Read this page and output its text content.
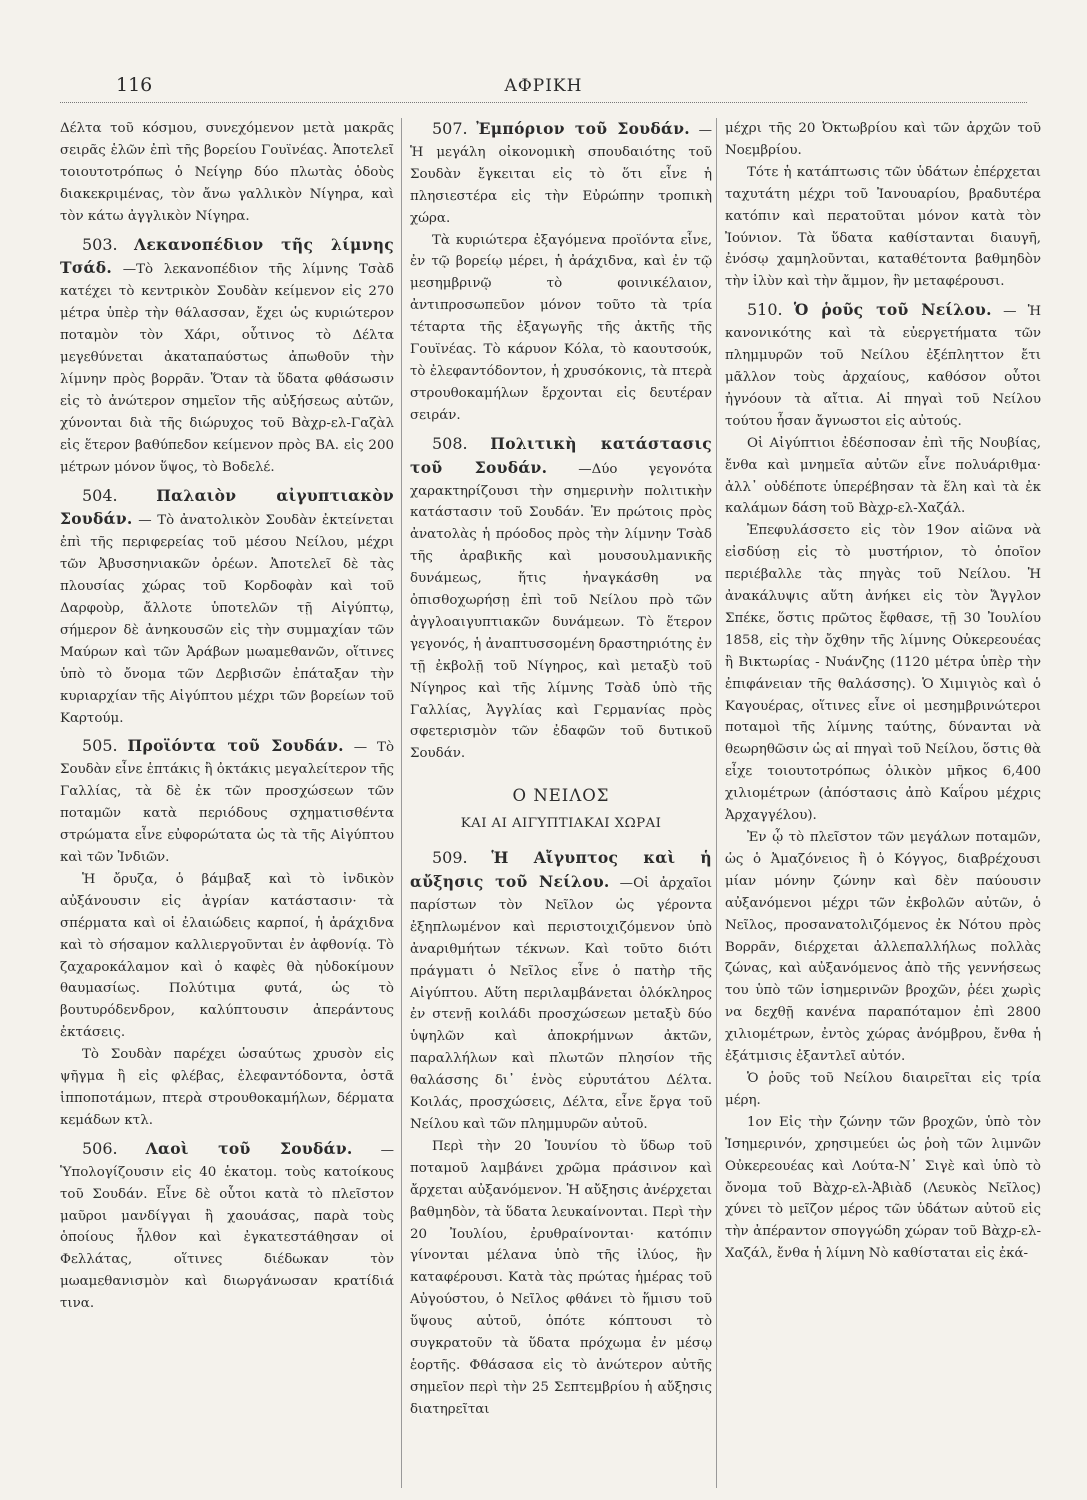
116	ΑΦΡΙΚΗ

Δέλτα τοῦ κόσμου, συνεχόμενον μετὰ μακρᾶς σειρᾶς ἑλῶν ἐπὶ τῆς βορείου Γουϊνέας. Ἀποτελεῖ τοιουτοτρόπως ὁ Νείγηρ δύο πλωτὰς ὁδοὺς διακεκριμένας, τὸν ἄνω γαλλικὸν Νίγηρα, καὶ τὸν κάτω ἀγγλικὸν Νίγηρα.

503. Λεκανοπέδιον τῆς λίμνης Τσάδ. —Τὸ λεκανοπέδιον τῆς λίμνης Τσὰδ κατέχει τὸ κεντρικὸν Σουδὰν κείμενον εἰς 270 μέτρα ὑπὲρ τὴν θάλασσαν, ἔχει ὡς κυριώτερον ποταμὸν τὸν Χάρι, οὗτινος τὸ Δέλτα μεγεθύνεται ἀκαταπαύστως ἀπωθοῦν τὴν λίμνην πρὸς βορρᾶν. Ὅταν τὰ ὕδατα φθάσωσιν εἰς τὸ ἀνώτερον σημεῖον τῆς αὐξήσεως αὐτῶν, χύνονται διὰ τῆς διώρυχος τοῦ Βὰχρ-ελ-Γαζὰλ εἰς ἕτερον βαθύπεδον κείμενον πρὸς ΒΑ. εἰς 200 μέτρων μόνον ὕψος, τὸ Βοδελέ.

504. Παλαιὸν αἰγυπτιακὸν Σουδάν. — Τὸ ἀνατολικὸν Σουδὰν ἐκτείνεται ἐπὶ τῆς περιφερείας τοῦ μέσου Νείλου, μέχρι τῶν Ἀβυσσηνιακῶν ὀρέων. Ἀποτελεῖ δὲ τὰς πλουσίας χώρας τοῦ Κορδοφὰν καὶ τοῦ Δαρφοὺρ, ἄλλοτε ὑποτελῶν τῇ Αἰγύπτῳ, σήμερον δὲ ἀνηκουσῶν εἰς τὴν συμμαχίαν τῶν Μαύρων καὶ τῶν Ἀράβων μωαμεθανῶν, οἵτινες ὑπὸ τὸ ὄνομα τῶν Δερβισῶν ἐπάταξαν τὴν κυριαρχίαν τῆς Αἰγύπτου μέχρι τῶν βορείων τοῦ Καρτούμ.

505. Προϊόντα τοῦ Σουδάν. — Τὸ Σουδὰν εἶνε ἑπτάκις ἢ ὀκτάκις μεγαλείτερον τῆς Γαλλίας, τὰ δὲ ἐκ τῶν προσχώσεων τῶν ποταμῶν κατὰ περιόδους σχηματισθέντα στρώματα εἶνε εὐφορώτατα ὡς τὰ τῆς Αἰγύπτου καὶ τῶν Ἰνδιῶν.

Ἡ ὄρυζα, ὁ βάμβαξ καὶ τὸ ἰνδικὸν αὐξάνουσιν εἰς ἀγρίαν κατάστασιν· τὰ σπέρματα καὶ οἱ ἐλαιώδεις καρποί, ἡ ἀράχιδνα καὶ τὸ σήσαμον καλλιεργοῦνται ἐν ἀφθονίᾳ. Τὸ ζαχαροκάλαμον καὶ ὁ καφὲς θὰ ηὐδοκίμουν θαυμασίως. Πολύτιμα φυτά, ὡς τὸ βουτυρόδενδρον, καλύπτουσιν ἀπεράντους ἐκτάσεις.

Τὸ Σουδὰν παρέχει ὡσαύτως χρυσὸν εἰς ψῆγμα ἢ εἰς φλέβας, ἐλεφαντόδοντα, ὀστᾶ ἱπποποτάμων, πτερὰ στρουθοκαμήλων, δέρματα κεμάδων κτλ.

506. Λαοὶ τοῦ Σουδάν. — Ὑπολογίζουσιν εἰς 40 ἑκατομ. τοὺς κατοίκους τοῦ Σουδάν. Εἶνε δὲ οὗτοι κατὰ τὸ πλεῖστον μαῦροι μανδίγγαι ἢ χαουάσας, παρὰ τοὺς ὁποίους ἦλθον καὶ ἐγκατεστάθησαν οἱ Φελλάτας, οἵτινες διέδωκαν τὸν μωαμεθανισμὸν καὶ διωργάνωσαν κρατίδιά τινα.

507. Ἐμπόριον τοῦ Σουδάν. — Ἡ μεγάλη οἰκονομικὴ σπουδαιότης τοῦ Σουδὰν ἔγκειται εἰς τὸ ὅτι εἶνε ἡ πλησιεστέρα εἰς τὴν Εὐρώπην τροπικὴ χώρα.

Τὰ κυριώτερα ἐξαγόμενα προϊόντα εἶνε, ἐν τῷ βορείῳ μέρει, ἡ ἀράχιδνα, καὶ ἐν τῷ μεσημβρινῷ τὸ φοινικέλαιον, ἀντιπροσωπεῦον μόνον τοῦτο τὰ τρία τέταρτα τῆς ἐξαγωγῆς τῆς ἀκτῆς τῆς Γουϊνέας. Τὸ κάρυον Κόλα, τὸ καουτσούκ, τὸ ἐλεφαντόδοντον, ἡ χρυσόκονις, τὰ πτερὰ στρουθοκαμήλων ἔρχονται εἰς δευτέραν σειράν.

508. Πολιτικὴ κατάστασις τοῦ Σουδάν. —Δύο γεγονότα χαρακτηρίζουσι τὴν σημερινὴν πολιτικὴν κατάστασιν τοῦ Σουδάν. Ἐν πρώτοις πρὸς ἀνατολὰς ἡ πρόοδος πρὸς τὴν λίμνην Τσὰδ τῆς ἀραβικῆς καὶ μουσουλμανικῆς δυνάμεως, ἥτις ἠναγκάσθη να ὀπισθοχωρήσῃ ἐπὶ τοῦ Νείλου πρὸ τῶν ἀγγλοαιγυπτιακῶν δυνάμεων. Τὸ ἕτερον γεγονός, ἡ ἀναπτυσσομένη δραστηριότης ἐν τῇ ἐκβολῇ τοῦ Νίγηρος, καὶ μεταξὺ τοῦ Νίγηρος καὶ τῆς λίμνης Τσὰδ ὑπὸ τῆς Γαλλίας, Ἀγγλίας καὶ Γερμανίας πρὸς σφετερισμὸν τῶν ἐδαφῶν τοῦ δυτικοῦ Σουδάν.

Ο ΝΕΙΛΟΣ
ΚΑΙ ΑΙ ΑΙΓΥΠΤΙΑΚΑΙ ΧΩΡΑΙ

509. Ἡ Αἴγυπτος καὶ ἡ αὔξησις τοῦ Νείλου. —Οἱ ἀρχαῖοι παρίστων τὸν Νεῖλον ὡς γέροντα ἐξηπλωμένον καὶ περιστοιχιζόμενον ὑπὸ ἀναριθμήτων τέκνων. Καὶ τοῦτο διότι πράγματι ὁ Νεῖλος εἶνε ὁ πατὴρ τῆς Αἰγύπτου. Αὕτη περιλαμβάνεται ὁλόκληρος ἐν στενῇ κοιλάδι προσχώσεων μεταξὺ δύο ὑψηλῶν καὶ ἀποκρήμνων ἀκτῶν, παραλλήλων καὶ πλωτῶν πλησίον τῆς θαλάσσης δι᾽ ἑνὸς εὐρυτάτου Δέλτα. Κοιλάς, προσχώσεις, Δέλτα, εἶνε ἔργα τοῦ Νείλου καὶ τῶν πλημμυρῶν αὐτοῦ.

Περὶ τὴν 20 Ἰουνίου τὸ ὕδωρ τοῦ ποταμοῦ λαμβάνει χρῶμα πράσινον καὶ ἄρχεται αὐξανόμενον. Ἡ αὔξησις ἀνέρχεται βαθμηδὸν, τὰ ὕδατα λευκαίνονται. Περὶ τὴν 20 Ἰουλίου, ἐρυθραίνονται· κατόπιν γίνονται μέλανα ὑπὸ τῆς ἰλύος, ἣν καταφέρουσι. Κατὰ τὰς πρώτας ἡμέρας τοῦ Αὐγούστου, ὁ Νεῖλος φθάνει τὸ ἥμισυ τοῦ ὕψους αὐτοῦ, ὁπότε κόπτουσι τὸ συγκρατοῦν τὰ ὕδατα πρόχωμα ἐν μέσῳ ἑορτῆς. Φθάσασα εἰς τὸ ἀνώτερον αὐτῆς σημεῖον περὶ τὴν 25 Σεπτεμβρίου ἡ αὔξησις διατηρεῖται

μέχρι τῆς 20 Ὀκτωβρίου καὶ τῶν ἀρχῶν τοῦ Νοεμβρίου.

Τότε ἡ κατάπτωσις τῶν ὑδάτων ἐπέρχεται ταχυτάτη μέχρι τοῦ Ἰανουαρίου, βραδυτέρα κατόπιν καὶ περατοῦται μόνον κατὰ τὸν Ἰούνιον. Τὰ ὕδατα καθίστανται διαυγῆ, ἐνόσῳ χαμηλοῦνται, καταθέτοντα βαθμηδὸν τὴν ἰλὺν καὶ τὴν ἄμμον, ἣν μεταφέρουσι.

510. Ὁ ῥοῦς τοῦ Νείλου. — Ἡ κανονικότης καὶ τὰ εὐεργετήματα τῶν πλημμυρῶν τοῦ Νείλου ἐξέπληττον ἔτι μᾶλλον τοὺς ἀρχαίους, καθόσον οὗτοι ἠγνόουν τὰ αἴτια. Αἱ πηγαὶ τοῦ Νείλου τούτου ἦσαν ἄγνωστοι εἰς αὐτούς.

Οἱ Αἰγύπτιοι ἐδέσποσαν ἐπὶ τῆς Νουβίας, ἔνθα καὶ μνημεῖα αὐτῶν εἶνε πολυάριθμα· ἀλλ᾽ οὐδέποτε ὑπερέβησαν τὰ ἕλη καὶ τὰ ἐκ καλάμων δάση τοῦ Βὰχρ-ελ-Χαζάλ.

Ἐπεφυλάσσετο εἰς τὸν 19ον αἰῶνα νὰ εἰσδύσῃ εἰς τὸ μυστήριον, τὸ ὁποῖον περιέβαλλε τὰς πηγὰς τοῦ Νείλου. Ἡ ἀνακάλυψις αὕτη ἀνήκει εἰς τὸν Ἄγγλον Σπέκε, ὅστις πρῶτος ἔφθασε, τῇ 30 Ἰουλίου 1858, εἰς τὴν ὄχθην τῆς λίμνης Οὐκερεουέας ἢ Βικτωρίας - Νυάνζης (1120 μέτρα ὑπὲρ τὴν ἐπιφάνειαν τῆς θαλάσσης). Ὁ Χιμιγιὸς καὶ ὁ Καγουέρας, οἵτινες εἶνε οἱ μεσημβρινώτεροι ποταμοὶ τῆς λίμνης ταύτης, δύνανται νὰ θεωρηθῶσιν ὡς αἱ πηγαὶ τοῦ Νείλου, ὅστις θὰ εἶχε τοιουτοτρόπως ὁλικὸν μῆκος 6,400 χιλιομέτρων (ἀπόστασις ἀπὸ Καΐρου μέχρις Ἀρχαγγέλου).

Ἐν ᾧ τὸ πλεῖστον τῶν μεγάλων ποταμῶν, ὡς ὁ Ἀμαζόνειος ἢ ὁ Κόγγος, διαβρέχουσι μίαν μόνην ζώνην καὶ δὲν παύουσιν αὐξανόμενοι μέχρι τῶν ἐκβολῶν αὐτῶν, ὁ Νεῖλος, προσανατολιζόμενος ἐκ Νότου πρὸς Βορρᾶν, διέρχεται ἀλλεπαλλήλως πολλὰς ζώνας, καὶ αὐξανόμενος ἀπὸ τῆς γεννήσεως του ὑπὸ τῶν ἰσημερινῶν βροχῶν, ῥέει χωρὶς να δεχθῇ κανένα παραπόταμον ἐπὶ 2800 χιλιομέτρων, ἐντὸς χώρας ἀνόμβρου, ἔνθα ἡ ἐξάτμισις ἐξαντλεῖ αὐτόν.

Ὁ ῥοῦς τοῦ Νείλου διαιρεῖται εἰς τρία μέρη.

1ον Εἰς τὴν ζώνην τῶν βροχῶν, ὑπὸ τὸν Ἰσημερινόν, χρησιμεύει ὡς ῥοὴ τῶν λιμνῶν Οὐκερεουέας καὶ Λούτα-Ν᾽ Σιγὲ καὶ ὑπὸ τὸ ὄνομα τοῦ Βὰχρ-ελ-Ἀβιὰδ (Λευκὸς Νεῖλος) χύνει τὸ μεῖζον μέρος τῶν ὑδάτων αὐτοῦ εἰς τὴν ἀπέραντον σπογγώδη χώραν τοῦ Βὰχρ-ελ-Χαζάλ, ἔνθα ἡ λίμνη Νὸ καθίσταται εἰς ἐκά-
